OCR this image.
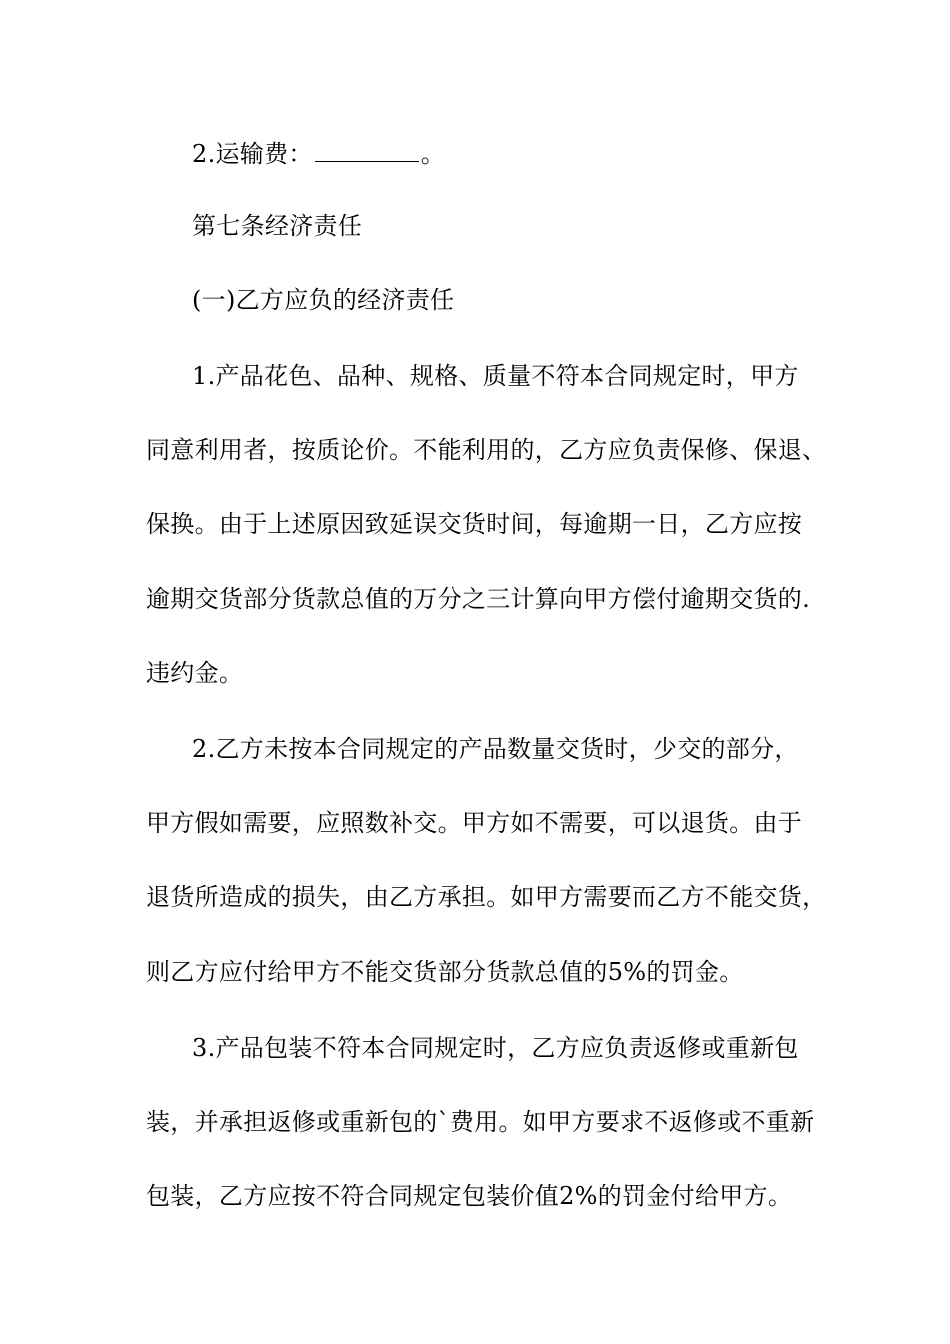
2.运输费：	。
第七条经济责任
(一)乙方应负的经济责任
1.产品花色、品种、规格、质量不符本合同规定时，甲方
同意利用者，按质论价。不能利用的，乙方应负责保修、保退、
保换。由于上述原因致延误交货时间，每逾期一日，乙方应按
逾期交货部分货款总值的万分之三计算向甲方偿付逾期交货的.
违约金。
2.乙方未按本合同规定的产品数量交货时，少交的部分，
甲方假如需要，应照数补交。甲方如不需要，可以退货。由于
退货所造成的损失，由乙方承担。如甲方需要而乙方不能交货，
则乙方应付给甲方不能交货部分货款总值的5%的罚金。
3.产品包装不符本合同规定时，乙方应负责返修或重新包
装，并承担返修或重新包的`费用。如甲方要求不返修或不重新
包装，乙方应按不符合同规定包装价值2%的罚金付给甲方。
